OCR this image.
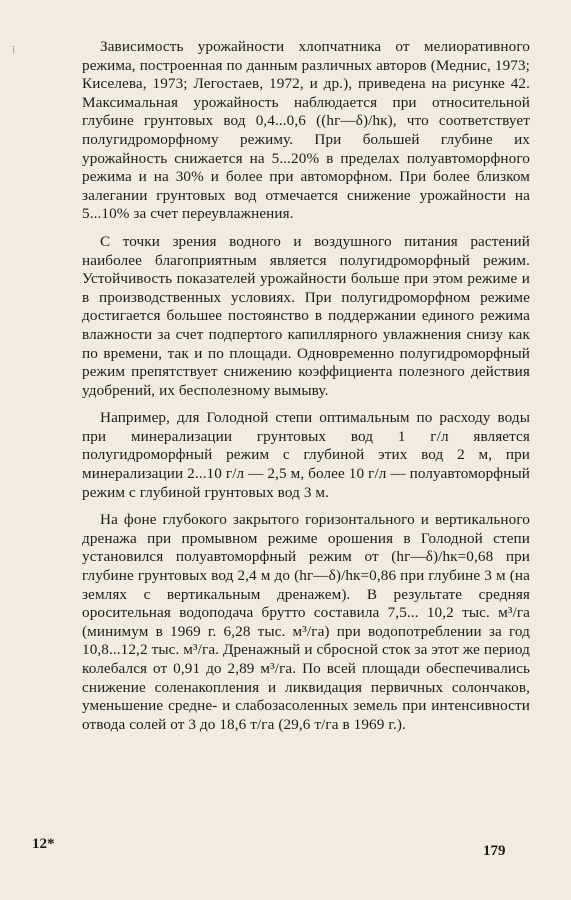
⁞	Зависимость урожайности хлопчатника от мелиоративного режима, построенная по данным различных авторов (Меднис, 1973; Киселева, 1973; Легостаев, 1972, и др.), приведена на рисунке 42. Максимальная урожайность наблюдается при относительной глубине грунтовых вод 0,4...0,6 ((hг—δ)/hк), что соответствует полугидроморфному режиму. При большей глубине их урожайность снижается на 5...20% в пределах полуавтоморфного режима и на 30% и более при автоморфном. При более близком залегании грунтовых вод отмечается снижение урожайности на 5...10% за счет переувлажнения.

С точки зрения водного и воздушного питания растений наиболее благоприятным является полугидроморфный режим. Устойчивость показателей урожайности больше при этом режиме и в производственных условиях. При полугидроморфном режиме достигается большее постоянство в поддержании единого режима влажности за счет подпертого капиллярного увлажнения снизу как по времени, так и по площади. Одновременно полугидроморфный режим препятствует снижению коэффициента полезного действия удобрений, их бесполезному вымыву.

Например, для Голодной степи оптимальным по расходу воды при минерализации грунтовых вод 1 г/л является полугидроморфный режим с глубиной этих вод 2 м, при минерализации 2...10 г/л — 2,5 м, более 10 г/л — полуавтоморфный режим с глубиной грунтовых вод 3 м.

На фоне глубокого закрытого горизонтального и вертикального дренажа при промывном режиме орошения в Голодной степи установился полуавтоморфный режим от (hг—δ)/hк=0,68 при глубине грунтовых вод 2,4 м до (hг—δ)/hк=0,86 при глубине 3 м (на землях с вертикальным дренажем). В результате средняя оросительная водоподача брутто составила 7,5... 10,2 тыс. м³/га (минимум в 1969 г. 6,28 тыс. м³/га) при водопотреблении за год 10,8...12,2 тыс. м³/га. Дренажный и сбросной сток за этот же период колебался от 0,91 до 2,89 м³/га. По всей площади обеспечивались снижение соленакопления и ликвидация первичных солончаков, уменьшение средне- и слабозасоленных земель при интенсивности отвода солей от 3 до 18,6 т/га (29,6 т/га в 1969 г.).

12*	179
